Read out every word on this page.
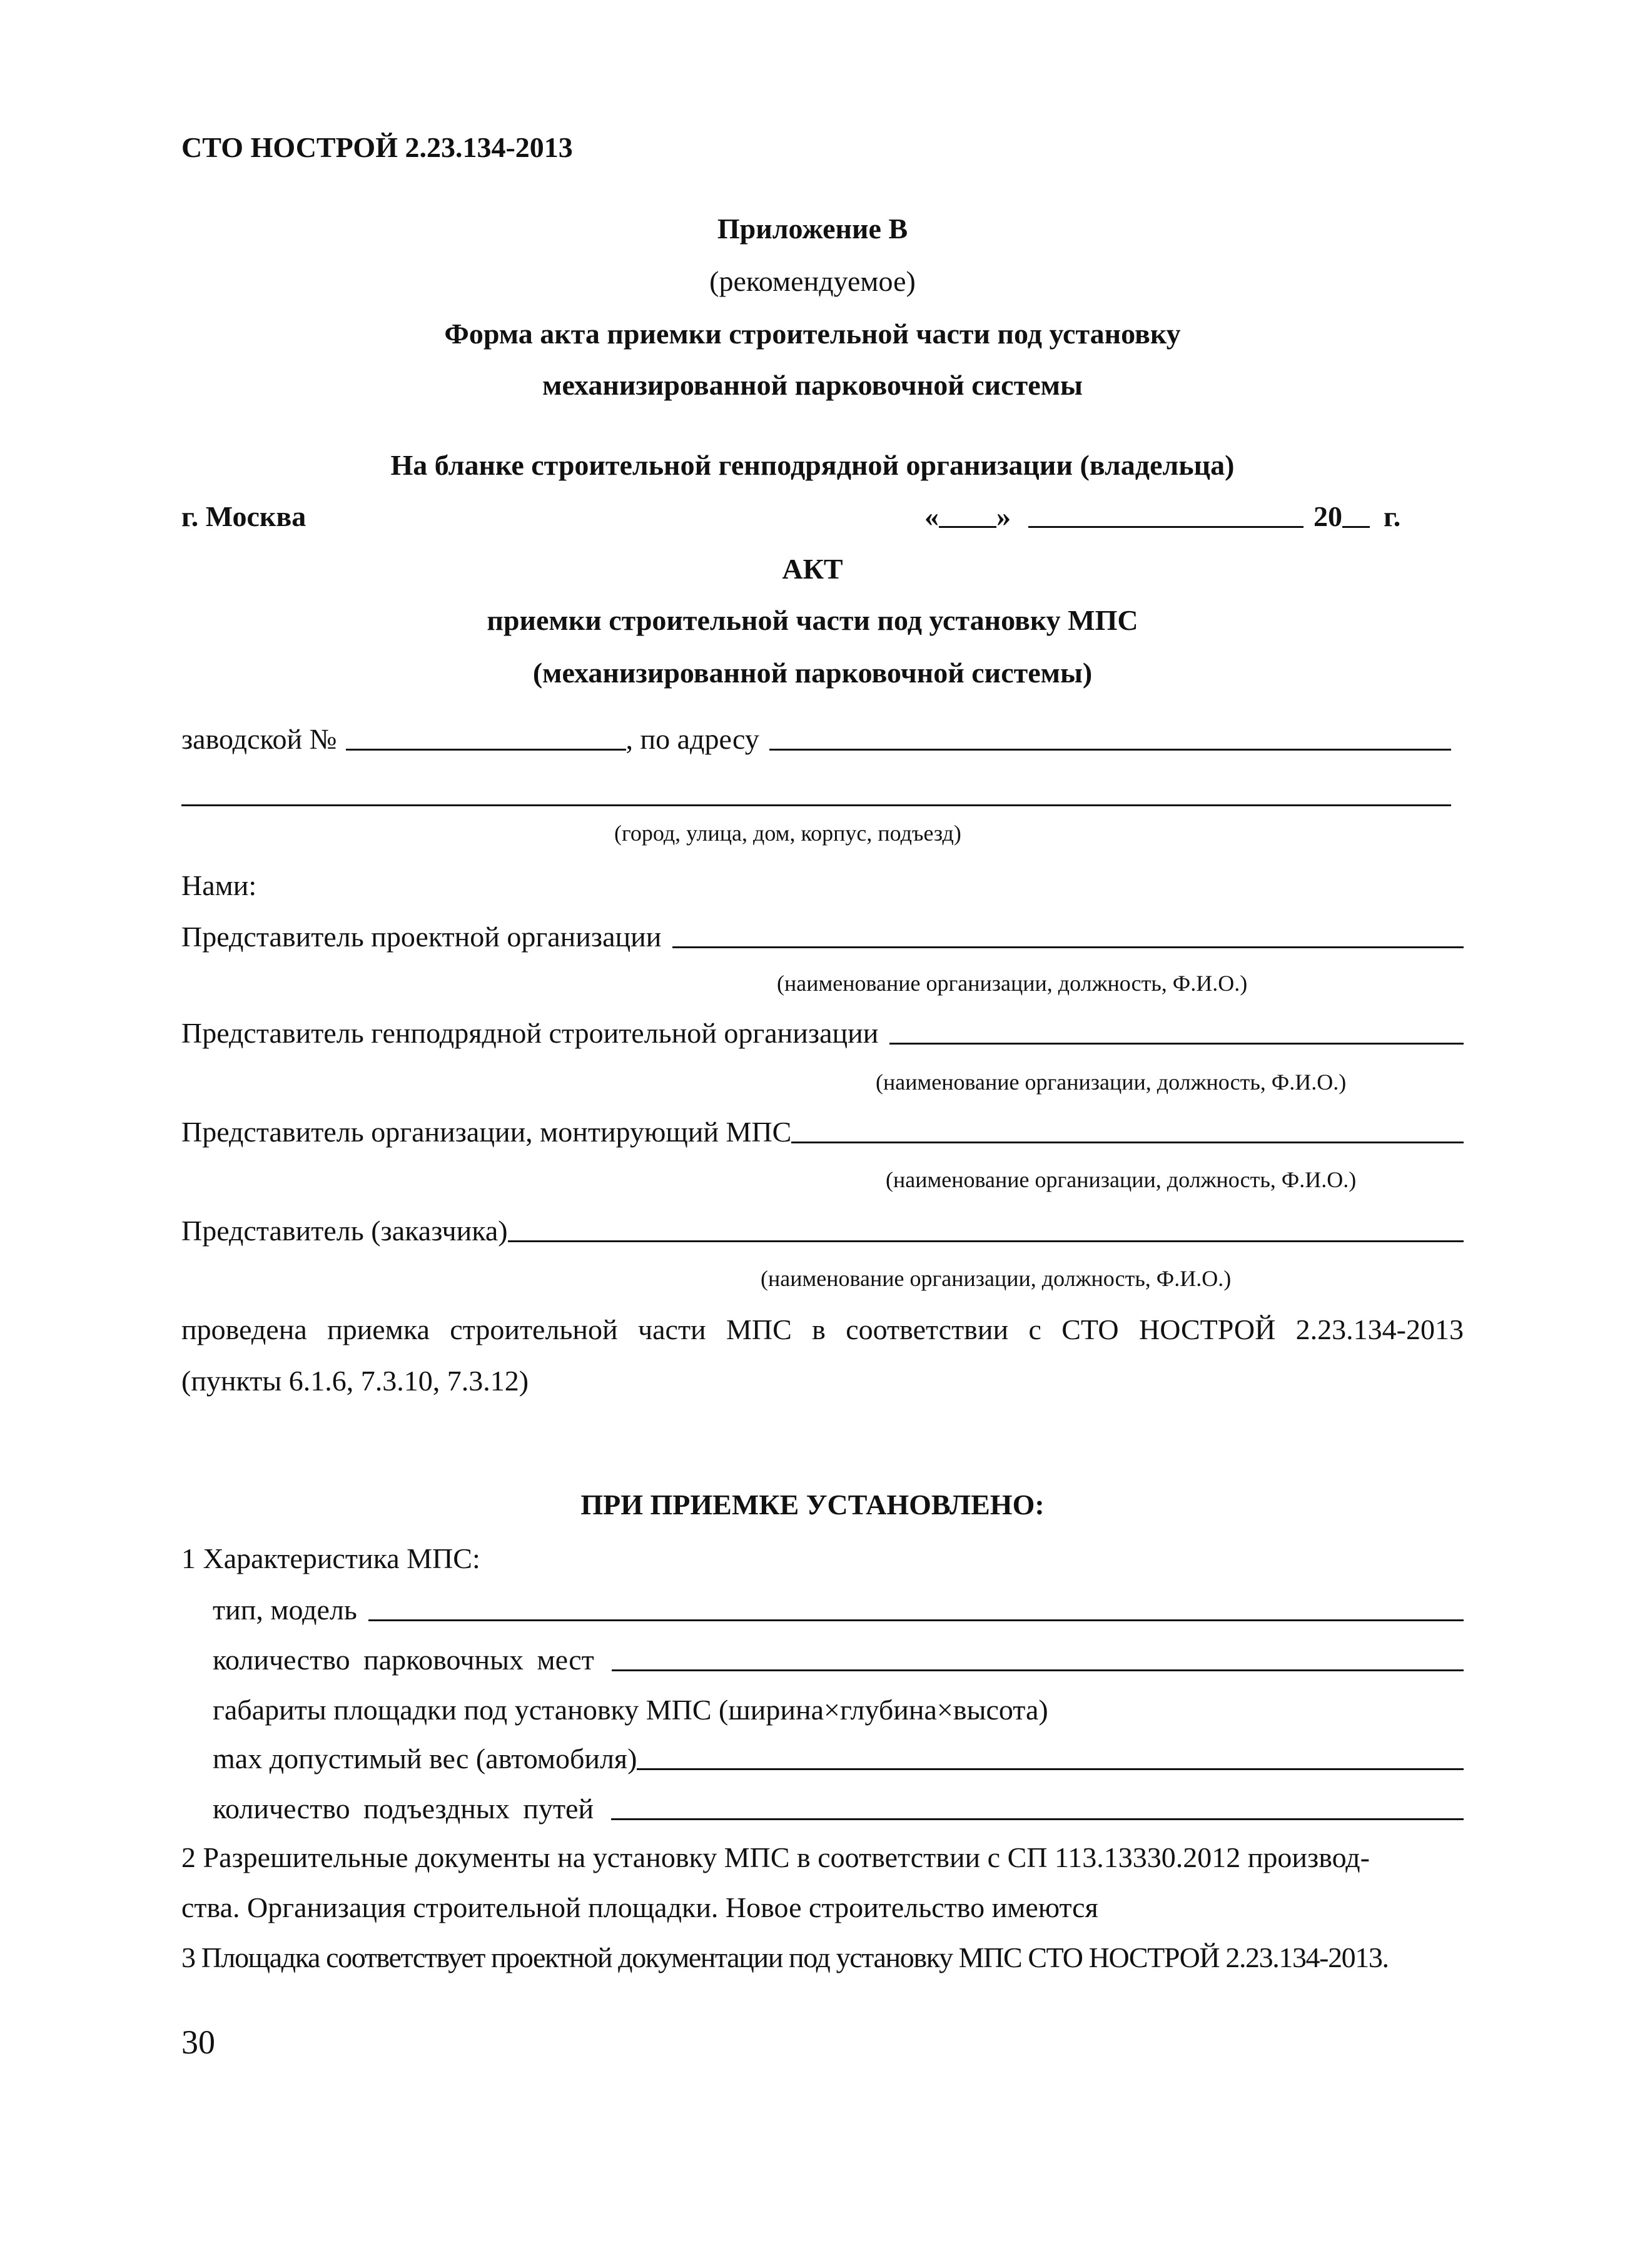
СТО НОСТРОЙ 2.23.134-2013
Приложение В
(рекомендуемое)
Форма акта приемки строительной части под установку
механизированной парковочной системы
На бланке строительной генподрядной организации (владельца)
г. Москва	« »	20 г.
АКТ
приемки строительной части под установку МПС
(механизированной парковочной системы)
заводской №	, по адресу
(город, улица, дом, корпус, подъезд)
Нами:
Представитель проектной организации
(наименование организации, должность, Ф.И.О.)
Представитель генподрядной строительной организации
(наименование организации, должность, Ф.И.О.)
Представитель организации, монтирующий МПС
(наименование организации, должность, Ф.И.О.)
Представитель (заказчика)
(наименование организации, должность, Ф.И.О.)
проведена приемка строительной части МПС в соответствии с СТО НОСТРОЙ 2.23.134-2013
(пункты 6.1.6, 7.3.10, 7.3.12)
ПРИ ПРИЕМКЕ УСТАНОВЛЕНО:
1 Характеристика МПС:
тип, модель
количество парковочных мест
габариты площадки под установку МПС (ширина×глубина×высота)
max допустимый вес (автомобиля)
количество подъездных путей
2 Разрешительные документы на установку МПС в соответствии с СП 113.13330.2012 производ-
ства. Организация строительной площадки. Новое строительство имеются
3 Площадка соответствует проектной документации под установку МПС СТО НОСТРОЙ 2.23.134-2013.
30
